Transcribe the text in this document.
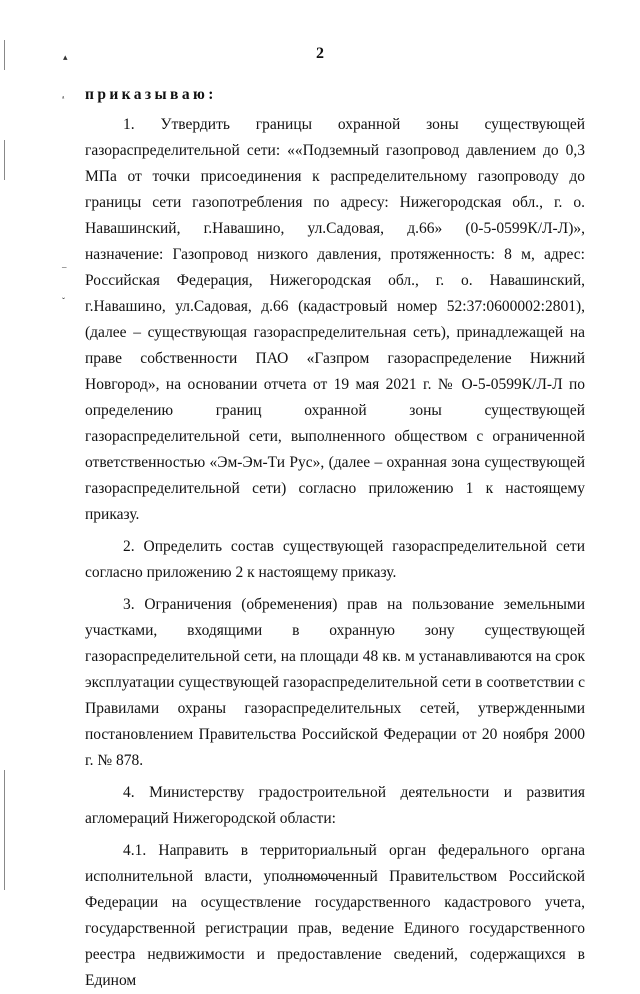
▴
ᵃ
–
ˇ
2
приказываю:

1. Утвердить границы охранной зоны существующей газораспределительной сети: ««Подземный газопровод давлением до 0,3 МПа от точки присоединения к распределительному газопроводу до границы сети газопотребления по адресу: Нижегородская обл., г. о. Навашинский, г.Навашино, ул.Садовая, д.66» (0-5-0599К/Л-Л)», назначение: Газопровод низкого давления, протяженность: 8 м, адрес: Российская Федерация, Нижегородская обл., г. о. Навашинский, г.Навашино, ул.Садовая, д.66 (кадастровый номер 52:37:0600002:2801), (далее – существующая газораспределительная сеть), принадлежащей на праве собственности ПАО «Газпром газораспределение Нижний Новгород», на основании отчета от 19 мая 2021 г. № О-5-0599К/Л-Л по определению границ охранной зоны существующей газораспределительной сети, выполненного обществом с ограниченной ответственностью «Эм-Эм-Ти Рус», (далее – охранная зона существующей газораспределительной сети) согласно приложению 1 к настоящему приказу.

2. Определить состав существующей газораспределительной сети согласно приложению 2 к настоящему приказу.

3. Ограничения (обременения) прав на пользование земельными участками, входящими в охранную зону существующей газораспределительной сети, на площади 48 кв. м устанавливаются на срок эксплуатации существующей газораспределительной сети в соответствии с Правилами охраны газораспределительных сетей, утвержденными постановлением Правительства Российской Федерации от 20 ноября 2000 г. № 878.

4. Министерству градостроительной деятельности и развития агломераций Нижегородской области:

4.1. Направить в территориальный орган федерального органа исполнительной власти, уполномоченный Правительством Российской Федерации на осуществление государственного кадастрового учета, государственной регистрации прав, ведение Единого государственного реестра недвижимости и предоставление сведений, содержащихся в Едином
